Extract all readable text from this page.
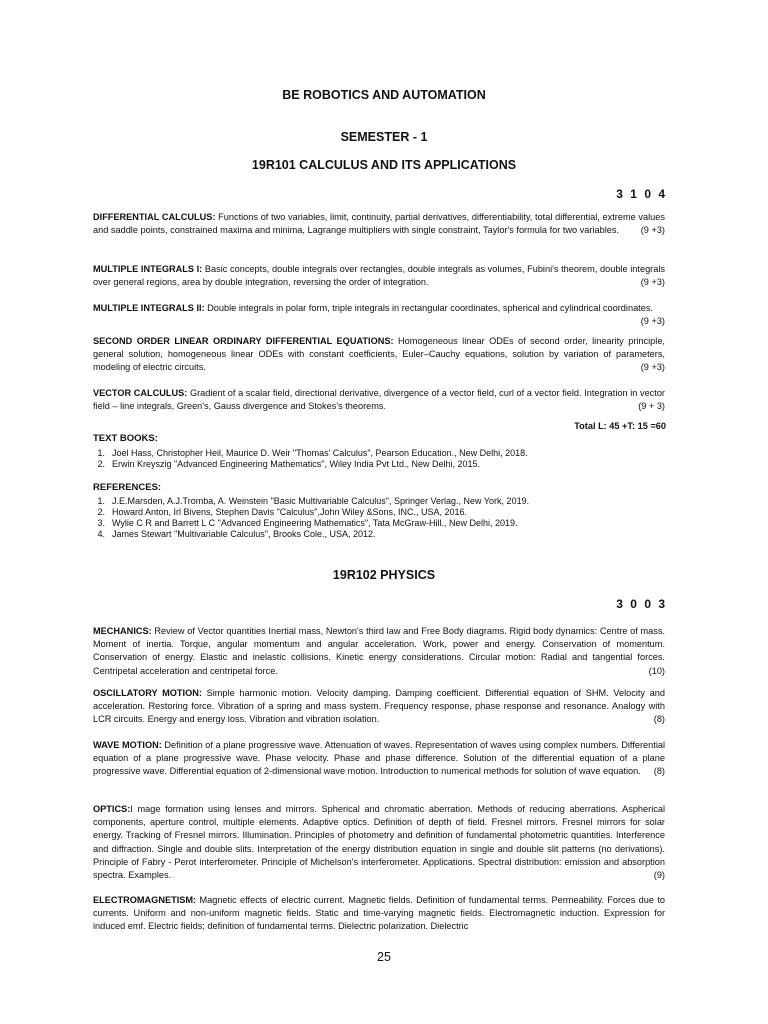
BE ROBOTICS AND AUTOMATION
SEMESTER - 1
19R101 CALCULUS AND ITS APPLICATIONS
3 1 0 4
DIFFERENTIAL CALCULUS: Functions of two variables, limit, continuity, partial derivatives, differentiability, total differential, extreme values and saddle points, constrained maxima and minima, Lagrange multipliers with single constraint, Taylor's formula for two variables.	(9 +3)
MULTIPLE INTEGRALS I: Basic concepts, double integrals over rectangles, double integrals as volumes, Fubini's theorem, double integrals over general regions, area by double integration, reversing the order of integration.	(9 +3)
MULTIPLE INTEGRALS II: Double integrals in polar form, triple integrals in rectangular coordinates, spherical and cylindrical coordinates.
(9 +3)
SECOND ORDER LINEAR ORDINARY DIFFERENTIAL EQUATIONS: Homogeneous linear ODEs of second order, linearity principle, general solution, homogeneous linear ODEs with constant coefficients, Euler–Cauchy equations, solution by variation of parameters, modeling of electric circuits.	(9 +3)
VECTOR CALCULUS: Gradient of a scalar field, directional derivative, divergence of a vector field, curl of a vector field. Integration in vector field – line integrals, Green's, Gauss divergence and Stokes's theorems.	(9 + 3)
Total L: 45 +T: 15 =60
TEXT BOOKS:
1. Joel Hass, Christopher Heil, Maurice D. Weir "Thomas' Calculus", Pearson Education., New Delhi, 2018.
2. Erwin Kreyszig "Advanced Engineering Mathematics", Wiley India Pvt Ltd., New Delhi, 2015.
REFERENCES:
1. J.E.Marsden, A.J.Tromba, A. Weinstein "Basic Multivariable Calculus", Springer Verlag., New York, 2019.
2. Howard Anton, Irl Bivens, Stephen Davis "Calculus",John Wiley &Sons, INC., USA, 2016.
3. Wylie C R and Barrett L C "Advanced Engineering Mathematics", Tata McGraw-Hill., New Delhi, 2019.
4. James Stewart "Multivariable Calculus", Brooks Cole., USA, 2012.
19R102 PHYSICS
3 0 0 3
MECHANICS: Review of Vector quantities Inertial mass, Newton's third law and Free Body diagrams. Rigid body dynamics: Centre of mass. Moment of inertia. Torque, angular momentum and angular acceleration. Work, power and energy. Conservation of momentum. Conservation of energy. Elastic and inelastic collisions. Kinetic energy considerations. Circular motion: Radial and tangential forces. Centripetal acceleration and centripetal force.	(10)
OSCILLATORY MOTION: Simple harmonic motion. Velocity damping. Damping coefficient. Differential equation of SHM. Velocity and acceleration. Restoring force. Vibration of a spring and mass system. Frequency response, phase response and resonance. Analogy with LCR circuits. Energy and energy loss. Vibration and vibration isolation.	(8)
WAVE MOTION: Definition of a plane progressive wave. Attenuation of waves. Representation of waves using complex numbers. Differential equation of a plane progressive wave. Phase velocity. Phase and phase difference. Solution of the differential equation of a plane progressive wave. Differential equation of 2-dimensional wave motion. Introduction to numerical methods for solution of wave equation.	(8)
OPTICS:I mage formation using lenses and mirrors. Spherical and chromatic aberration. Methods of reducing aberrations. Aspherical components, aperture control, multiple elements. Adaptive optics. Definition of depth of field. Fresnel mirrors. Fresnel mirrors for solar energy. Tracking of Fresnel mirrors. Illumination. Principles of photometry and definition of fundamental photometric quantities. Interference and diffraction. Single and double slits. Interpretation of the energy distribution equation in single and double slit patterns (no derivations). Principle of Fabry - Perot interferometer. Principle of Michelson's interferometer. Applications. Spectral distribution: emission and absorption spectra. Examples.	(9)
ELECTROMAGNETISM: Magnetic effects of electric current. Magnetic fields. Definition of fundamental terms. Permeability. Forces due to currents. Uniform and non-uniform magnetic fields. Static and time-varying magnetic fields. Electromagnetic induction. Expression for induced emf. Electric fields; definition of fundamental terms. Dielectric polarization. Dielectric
25
